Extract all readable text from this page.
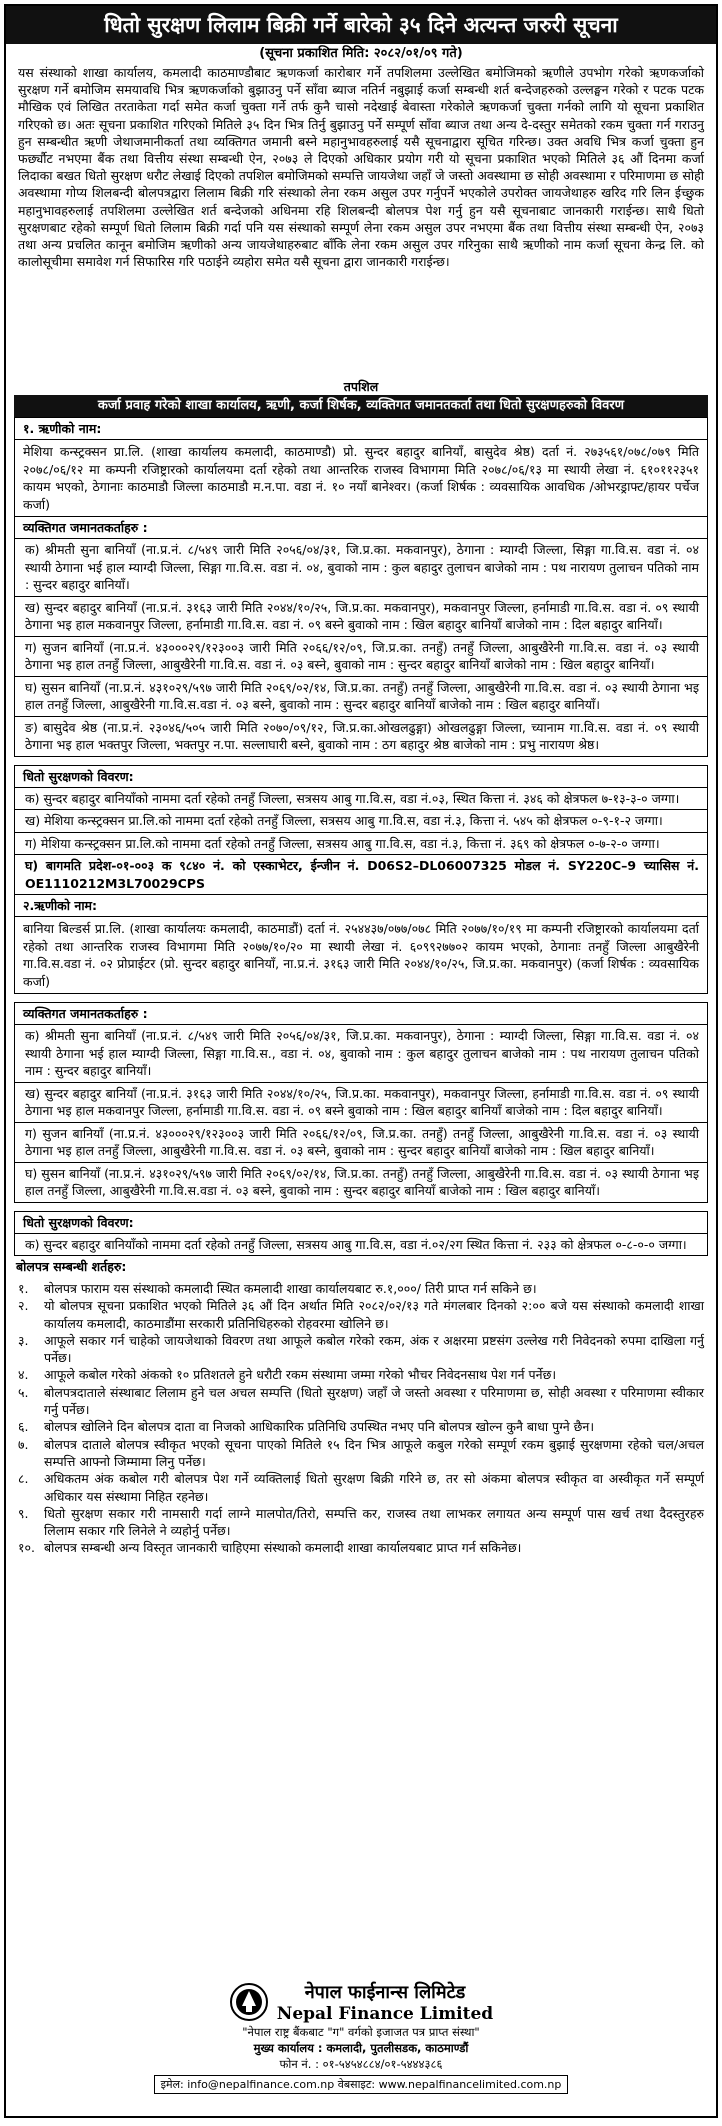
धितो सुरक्षण लिलाम बिक्री गर्ने बारेको ३५ दिने अत्यन्त जरुरी सूचना
(सूचना प्रकाशित मिति: २०८२/०१/०९ गते)
यस संस्थाको शाखा कार्यालय, कमलादी काठमाण्डौबाट ऋणकर्जा कारोबार गर्ने तपशिलमा उल्लेखित बमोजिमको ऋणीले उपभोग गरेको ऋणकर्जाको सुरक्षण गर्ने बमोजिम समयावधि भित्र ऋणकर्जाको बुझाउनु पर्ने साँवा ब्याज नतिर्न नबुझाई कर्जा सम्बन्धी शर्त बन्देजहरुको उल्लङ्घन गरेको र पटक पटक मौखिक एवं लिखित तरताकेता गर्दा समेत कर्जा चुक्ता गर्ने तर्फ कुनै चासो नदेखाई बेवास्ता गरेकोले ऋणकर्जा चुक्ता गर्नको लागि यो सूचना प्रकाशित गरिएको छ। अतः सूचना प्रकाशित गरिएको मितिले ३५ दिन भित्र तिर्नु बुझाउनु पर्ने सम्पूर्ण साँवा ब्याज तथा अन्य दे-दस्तुर समेतको रकम चुक्ता गर्न गराउनु हुन सम्बन्धीत ऋणी जेथाजमानीकर्ता तथा व्यक्तिगत जमानी बस्ने महानुभावहरुलाई यसै सूचनाद्वारा सूचित गरिन्छ। उक्त अवधि भित्र कर्जा चुक्ता हुन फर्छ्यौट नभएमा बैंक तथा वित्तीय संस्था सम्बन्धी ऐन, २०७३ ले दिएको अधिकार प्रयोग गरी यो सूचना प्रकाशित भएको मितिले ३६ औं दिनमा कर्जा लिदाका बखत धितो सुरक्षण धरौट लेखाई दिएको तपशिल बमोजिमको सम्पत्ति जायजेथा जहाँ जे जस्तो अवस्थामा छ सोही अवस्थामा र परिमाणमा छ सोही अवस्थामा गोप्य शिलबन्दी बोलपत्रद्वारा लिलाम बिक्री गरि संस्थाको लेना रकम असुल उपर गर्नुपर्ने भएकोले उपरोक्त जायजेथाहरु खरिद गरि लिन ईच्छुक महानुभावहरुलाई तपशिलमा उल्लेखित शर्त बन्देजको अधिनमा रहि शिलबन्दी बोलपत्र पेश गर्नु हुन यसै सूचनाबाट जानकारी गराईन्छ। साथै धितो सुरक्षणबाट रहेको सम्पूर्ण धितो लिलाम बिक्री गर्दा पनि यस संस्थाको सम्पूर्ण लेना रकम असुल उपर नभएमा बैंक तथा वित्तीय संस्था सम्बन्धी ऐन, २०७३ तथा अन्य प्रचलित कानून बमोजिम ऋणीको अन्य जायजेथाहरुबाट बाँकि लेना रकम असुल उपर गरिनुका साथै ऋणीको नाम कर्जा सूचना केन्द्र लि. को कालोसूचीमा समावेश गर्न सिफारिस गरि पठाईने व्यहोरा समेत यसै सूचना द्वारा जानकारी गराईन्छ।
तपशिल
कर्जा प्रवाह गरेको शाखा कार्यालय, ऋणी, कर्जा शिर्षक, व्यक्तिगत जमानतकर्ता तथा धितो सुरक्षणहरुको विवरण
१. ऋणीको नाम:
मेशिया कन्स्ट्रक्सन प्रा.लि. (शाखा कार्यालय कमलादी, काठमाण्डौ) प्रो. सुन्दर बहादुर बानियाँ, बासुदेव श्रेष्ठ) दर्ता नं. २७३५६१/०७८/०७९ मिति २०७८/०६/१२ मा कम्पनी रजिष्ट्रारको कार्यालयमा दर्ता रहेको तथा आन्तरिक राजस्व विभागमा मिति २०७८/०६/१३ मा स्थायी लेखा नं. ६१०११२३५१ कायम भएको, ठेगानाः काठमाडौ जिल्ला काठमाडौ म.न.पा. वडा नं. १० नयाँ बानेश्वर। (कर्जा शिर्षक : व्यवसायिक आवधिक /ओभरड्राफ्ट/हायर पर्चेज कर्जा)
व्यक्तिगत जमानतकर्ताहरु :
क) श्रीमती सुना बानियाँ (ना.प्र.नं. ८/५४९ जारी मिति २०५६/०४/३१, जि.प्र.का. मकवानपुर), ठेगाना : म्याग्दी जिल्ला, सिङ्गा गा.वि.स. वडा नं. ०४ स्थायी ठेगाना भई हाल म्याग्दी जिल्ला, सिङ्गा गा.वि.स. वडा नं. ०४, बुवाको नाम : कुल बहादुर तुलाचन बाजेको नाम : पथ नारायण तुलाचन पतिको नाम : सुन्दर बहादुर बानियाँ।
ख) सुन्दर बहादुर बानियाँ (ना.प्र.नं. ३१६३ जारी मिति २०४४/१०/२५, जि.प्र.का. मकवानपुर), मकवानपुर जिल्ला, हर्नामाडी गा.वि.स. वडा नं. ०९ स्थायी ठेगाना भइ हाल मकवानपुर जिल्ला, हर्नामाडी गा.वि.स. वडा नं. ०९ बस्ने बुवाको नाम : खिल बहादुर बानियाँ बाजेको नाम : दिल बहादुर बानियाँ।
ग) सुजन बानियाँ (ना.प्र.नं. ४३०००२९/१२३००३ जारी मिति २०६६/१२/०९, जि.प्र.का. तनहुँ) तनहुँ जिल्ला, आबुखैरेनी गा.वि.स. वडा नं. ०३ स्थायी ठेगाना भइ हाल तनहुँ जिल्ला, आबुखैरेनी गा.वि.स. वडा नं. ०३ बस्ने, बुवाको नाम : सुन्दर बहादुर बानियाँ बाजेको नाम : खिल बहादुर बानियाँ।
घ) सुसन बानियाँ (ना.प्र.नं. ४३१०२९/५९७ जारी मिति २०६९/०२/१४, जि.प्र.का. तनहुँ) तनहुँ जिल्ला, आबुखैरेनी गा.वि.स. वडा नं. ०३ स्थायी ठेगाना भइ हाल तनहुँ जिल्ला, आबुखैरेनी गा.वि.स.वडा नं. ०३ बस्ने, बुवाको नाम : सुन्दर बहादुर बानियाँ बाजेको नाम : खिल बहादुर बानियाँ।
ङ) बासुदेव श्रेष्ठ (ना.प्र.नं. २३०४६/५०५ जारी मिति २०७०/०९/१२, जि.प्र.का.ओखलढुङ्गा) ओखलढुङ्गा जिल्ला, च्यानाम गा.वि.स. वडा नं. ०९ स्थायी ठेगाना भइ हाल भक्तपुर जिल्ला, भक्तपुर न.पा. सल्लाघारी बस्ने, बुवाको नाम : ठग बहादुर श्रेष्ठ बाजेको नाम : प्रभु नारायण श्रेष्ठ।
धितो सुरक्षणको विवरण:
क) सुन्दर बहादुर बानियाँको नाममा दर्ता रहेको तनहुँ जिल्ला, सत्रसय आबु गा.वि.स, वडा नं.०३, स्थित कित्ता नं. ३४६ को क्षेत्रफल ७-१३-३-० जग्गा।
ख) मेशिया कन्स्ट्रक्सन प्रा.लि.को नाममा दर्ता रहेको तनहुँ जिल्ला, सत्रसय आबु गा.वि.स, वडा नं.३, कित्ता नं. ५४५ को क्षेत्रफल ०-९-१-२ जग्गा।
ग) मेशिया कन्स्ट्रक्सन प्रा.लि.को नाममा दर्ता रहेको तनहुँ जिल्ला, सत्रसय आबु गा.वि.स, वडा नं.३, कित्ता नं. ३६९ को क्षेत्रफल ०-७-२-० जग्गा।
घ) बागमति प्रदेश-०१-००३ क ९८४० नं. को एस्काभेटर, ईन्जीन नं. D06S2–DL06007325 मोडल नं. SY220C–9 च्यासिस नं. OE1110212M3L70029CPS
२.ऋणीको नाम:
बानिया बिल्डर्स प्रा.लि. (शाखा कार्यालयः कमलादी, काठमाडौं) दर्ता नं. २५४४३७/०७७/०७८ मिति २०७७/१०/१९ मा कम्पनी रजिष्ट्रारको कार्यालयमा दर्ता रहेको तथा आन्तरिक राजस्व विभागमा मिति २०७७/१०/२० मा स्थायी लेखा नं. ६०९९२७७०२ कायम भएको, ठेगानाः तनहुँ जिल्ला आबुखैरेनी गा.वि.स.वडा नं. ०२ प्रोप्राईटर (प्रो. सुन्दर बहादुर बानियाँ, ना.प्र.नं. ३१६३ जारी मिति २०४४/१०/२५, जि.प्र.का. मकवानपुर) (कर्जा शिर्षक : व्यवसायिक कर्जा)
व्यक्तिगत जमानतकर्ताहरु :
क) श्रीमती सुना बानियाँ (ना.प्र.नं. ८/५४९ जारी मिति २०५६/०४/३१, जि.प्र.का. मकवानपुर), ठेगाना : म्याग्दी जिल्ला, सिङ्गा गा.वि.स. वडा नं. ०४ स्थायी ठेगाना भई हाल म्याग्दी जिल्ला, सिङ्गा गा.वि.स., वडा नं. ०४, बुवाको नाम : कुल बहादुर तुलाचन बाजेको नाम : पथ नारायण तुलाचन पतिको नाम : सुन्दर बहादुर बानियाँ।
ख) सुन्दर बहादुर बानियाँ (ना.प्र.नं. ३१६३ जारी मिति २०४४/१०/२५, जि.प्र.का. मकवानपुर), मकवानपुर जिल्ला, हर्नामाडी गा.वि.स. वडा नं. ०९ स्थायी ठेगाना भइ हाल मकवानपुर जिल्ला, हर्नामाडी गा.वि.स. वडा नं. ०९ बस्ने बुवाको नाम : खिल बहादुर बानियाँ बाजेको नाम : दिल बहादुर बानियाँ।
ग) सुजन बानियाँ (ना.प्र.नं. ४३०००२९/१२३००३ जारी मिति २०६६/१२/०९, जि.प्र.का. तनहुँ) तनहुँ जिल्ला, आबुखैरेनी गा.वि.स. वडा नं. ०३ स्थायी ठेगाना भइ हाल तनहुँ जिल्ला, आबुखैरेनी गा.वि.स. वडा नं. ०३ बस्ने, बुवाको नाम : सुन्दर बहादुर बानियाँ बाजेको नाम : खिल बहादुर बानियाँ।
घ) सुसन बानियाँ (ना.प्र.नं. ४३१०२९/५९७ जारी मिति २०६९/०२/१४, जि.प्र.का. तनहुँ) तनहुँ जिल्ला, आबुखैरेनी गा.वि.स. वडा नं. ०३ स्थायी ठेगाना भइ हाल तनहुँ जिल्ला, आबुखैरेनी गा.वि.स.वडा नं. ०३ बस्ने, बुवाको नाम : सुन्दर बहादुर बानियाँ बाजेको नाम : खिल बहादुर बानियाँ।
धितो सुरक्षणको विवरण:
क) सुन्दर बहादुर बानियाँको नाममा दर्ता रहेको तनहुँ जिल्ला, सत्रसय आबु गा.वि.स, वडा नं.०२/२ग स्थित कित्ता नं. २३३ को क्षेत्रफल ०-८-०-० जग्गा।
बोलपत्र सम्बन्धी शर्तहरु:
१.	बोलपत्र फाराम यस संस्थाको कमलादी स्थित कमलादी शाखा कार्यालयबाट रु.१,०००/ तिरी प्राप्त गर्न सकिने छ।
२.	यो बोलपत्र सूचना प्रकाशित भएको मितिले ३६ औं दिन अर्थात मिति २०८२/०२/१३ गते मंगलबार दिनको २:०० बजे यस संस्थाको कमलादी शाखा कार्यालय कमलादी, काठमाडौंमा सरकारी प्रतिनिधिहरुको रोहवरमा खोलिने छ।
३.	आफूले सकार गर्न चाहेको जायजेथाको विवरण तथा आफूले कबोल गरेको रकम, अंक र अक्षरमा प्रष्टसंग उल्लेख गरी निवेदनको रुपमा दाखिला गर्नु पर्नेछ।
४.	आफूले कबोल गरेको अंकको १० प्रतिशतले हुने धरौटी रकम संस्थामा जम्मा गरेको भौचर निवेदनसाथ पेश गर्न पर्नेछ।
५.	बोलपत्रदाताले संस्थाबाट लिलाम हुने चल अचल सम्पत्ति (धितो सुरक्षण) जहाँ जे जस्तो अवस्था र परिमाणमा छ, सोही अवस्था र परिमाणमा स्वीकार गर्नु पर्नेछ।
६.	बोलपत्र खोलिने दिन बोलपत्र दाता वा निजको आधिकारिक प्रतिनिधि उपस्थित नभए पनि बोलपत्र खोल्न कुनै बाधा पुग्ने छैन।
७.	बोलपत्र दाताले बोलपत्र स्वीकृत भएको सूचना पाएको मितिले १५ दिन भित्र आफूले कबुल गरेको सम्पूर्ण रकम बुझाई सुरक्षणमा रहेको चल/अचल सम्पत्ति आफ्नो जिम्मामा लिनु पर्नेछ।
८.	अधिकतम अंक कबोल गरी बोलपत्र पेश गर्ने व्यक्तिलाई धितो सुरक्षण बिक्री गरिने छ, तर सो अंकमा बोलपत्र स्वीकृत वा अस्वीकृत गर्ने सम्पूर्ण अधिकार यस संस्थामा निहित रहनेछ।
९.	धितो सुरक्षण सकार गरी नामसारी गर्दा लाग्ने मालपोत/तिरो, सम्पत्ति कर, राजस्व तथा लाभकर लगायत अन्य सम्पूर्ण पास खर्च तथा दैदस्तुरहरु लिलाम सकार गरि लिनेले ने व्यहोर्नु पर्नेछ।
१०. बोलपत्र सम्बन्धी अन्य विस्तृत जानकारी चाहिएमा संस्थाको कमलादी शाखा कार्यालयबाट प्राप्त गर्न सकिनेछ।
नेपाल फाईनान्स लिमिटेड
Nepal Finance Limited
"नेपाल राष्ट्र बैंकबाट "ग" वर्गको इजाजत पत्र प्राप्त संस्था"
मुख्य कार्यालय : कमलादी, पुतलीसडक, काठमाण्डौं
फोन नं. : ०१-५४५४८८४/०१-५४४४३८६
इमेल: info@nepalfinance.com.np वेबसाइट: www.nepalfinancelimited.com.np
